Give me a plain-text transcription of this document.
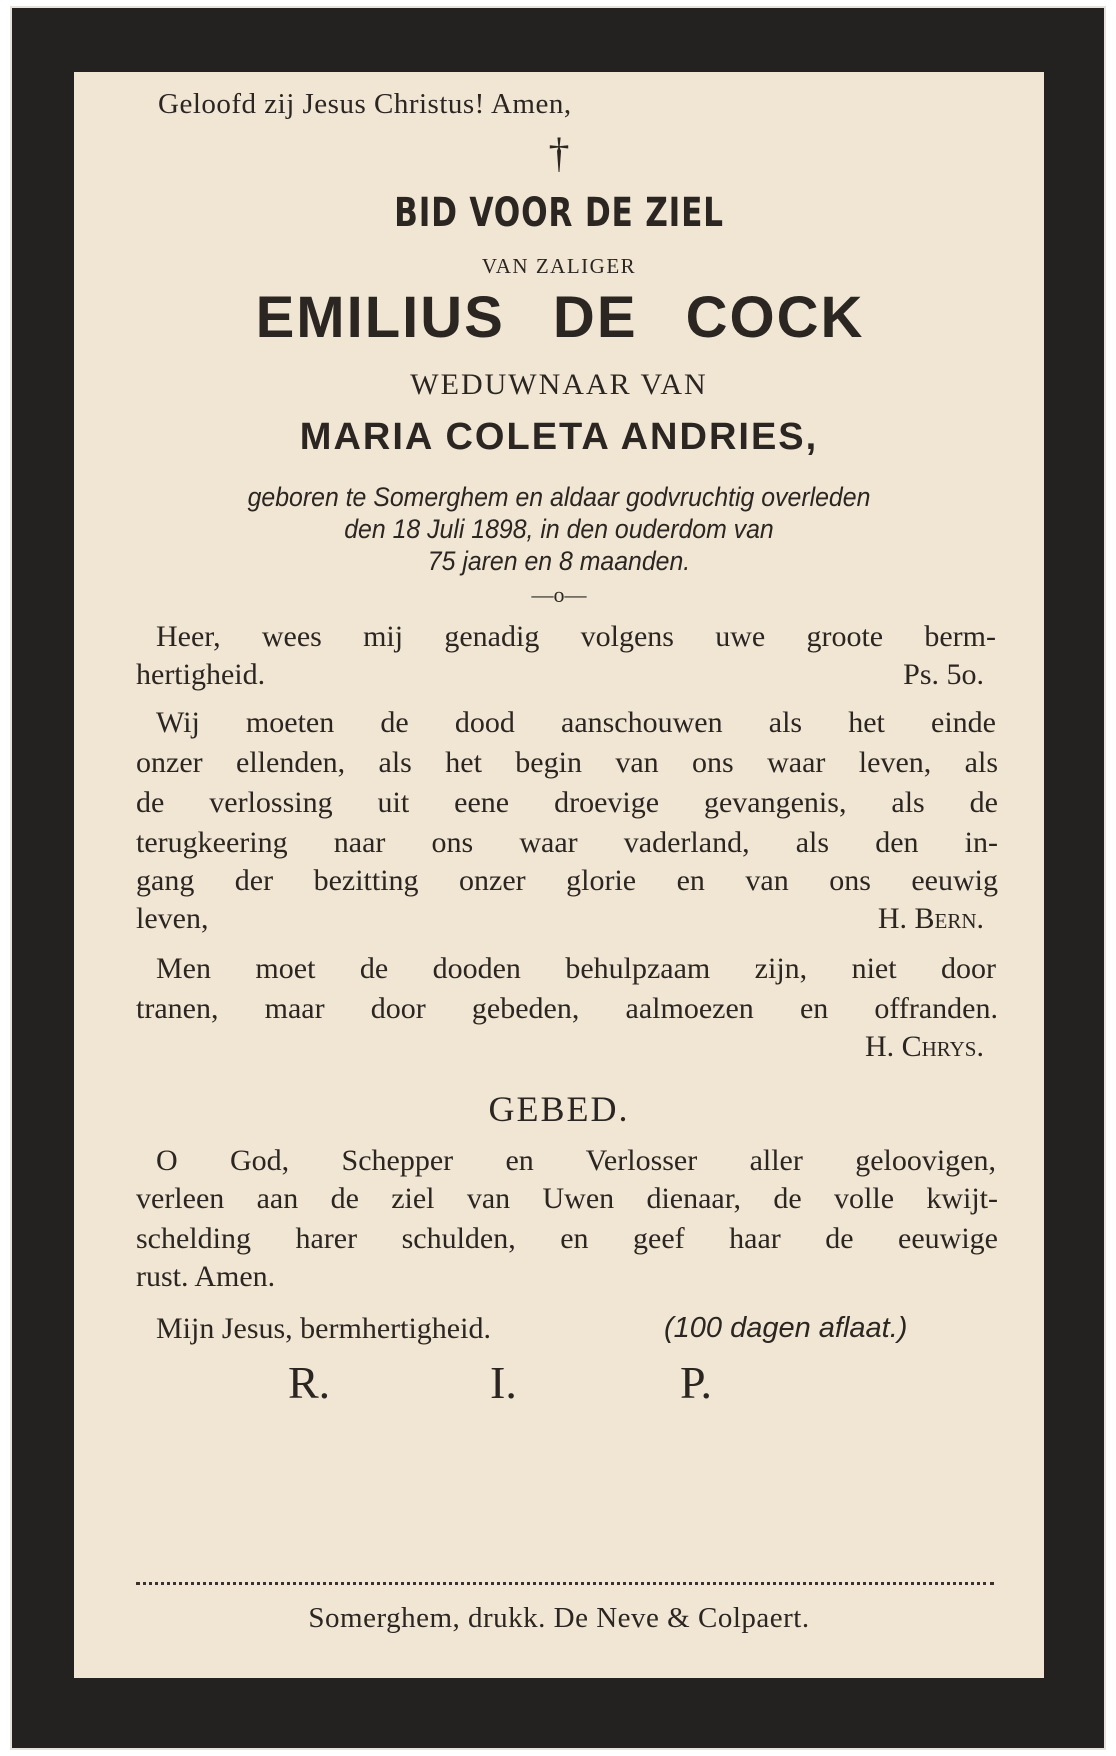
Geloofd zij Jesus Christus! Amen,
†
BID VOOR DE ZIEL
VAN ZALIGER
EMILIUS DE COCK
WEDUWNAAR VAN
MARIA COLETA ANDRIES,
geboren te Somerghem en aldaar godvruchtig overleden
den 18 Juli 1898, in den ouderdom van
75 jaren en 8 maanden.
—o—
Heer, wees mij genadig volgens uwe groote berm-
hertigheid.	Ps. 5o.
Wij moeten de dood aanschouwen als het einde
onzer ellenden, als het begin van ons waar leven, als
de verlossing uit eene droevige gevangenis, als de
terugkeering naar ons waar vaderland, als den in-
gang der bezitting onzer glorie en van ons eeuwig
leven,	H. Bern.
Men moet de dooden behulpzaam zijn, niet door
tranen, maar door gebeden, aalmoezen en offranden.
H. Chrys.
GEBED.
O God, Schepper en Verlosser aller geloovigen,
verleen aan de ziel van Uwen dienaar, de volle kwijt-
schelding harer schulden, en geef haar de eeuwige
rust. Amen.
Mijn Jesus, bermhertigheid.	(100 dagen aflaat.)
R.	I.	P.
Somerghem, drukk. De Neve & Colpaert.
